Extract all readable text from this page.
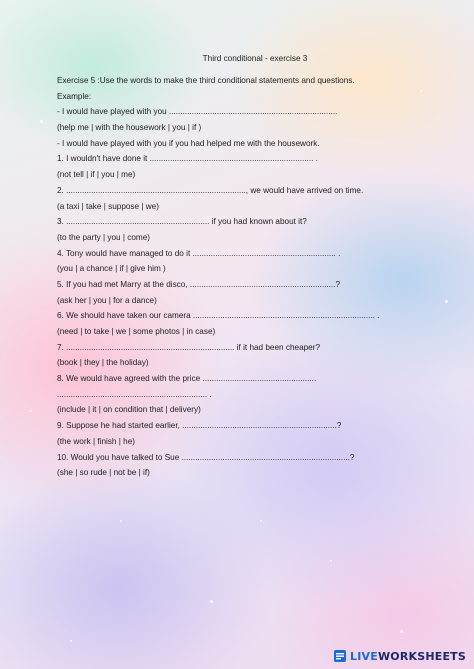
Third conditional - exercise 3
Exercise 5 :Use the words to make the third conditional statements and questions.
Example:
- I would have played with you ..........................................................................
(help me | with the housework | you | if )
- I would have played with you if you had helped me with the housework.
1. I wouldn't have done it ........................................................................ .
(not tell | if | you | me)
2. ..............................................................................., we would have arrived on time.
(a taxi | take | suppose | we)
3. ............................................................... if you had known about it?
(to the party | you | come)
4. Tony would have managed to do it ............................................................... .
(you | a chance | if | give him )
5. If you had met Marry at the disco, ................................................................?
(ask her | you | for a dance)
6. We should have taken our camera ................................................................................ .
(need | to take | we | some photos | in case)
7. .......................................................................... if it had been cheaper?
(book | they | the holiday)
8. We would have agreed with the price ..................................................
.................................................................. .
(include | it | on condition that | delivery)
9. Suppose he had started earlier, ....................................................................?
(the work | finish | he)
10. Would you have talked to Sue ..........................................................................?
(she | so rude | not be | if)
LIVE WORKSHEETS
